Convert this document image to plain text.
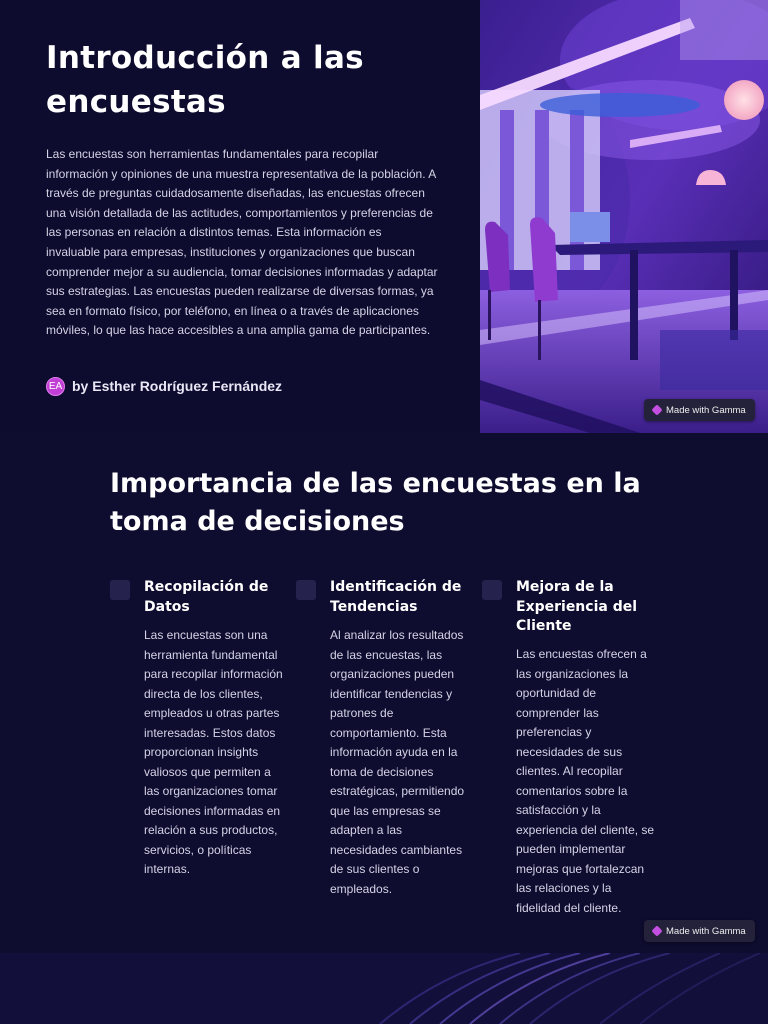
Introducción a las encuestas

Las encuestas son herramientas fundamentales para recopilar información y opiniones de una muestra representativa de la población. A través de preguntas cuidadosamente diseñadas, las encuestas ofrecen una visión detallada de las actitudes, comportamientos y preferencias de las personas en relación a distintos temas. Esta información es invaluable para empresas, instituciones y organizaciones que buscan comprender mejor a su audiencia, tomar decisiones informadas y adaptar sus estrategias. Las encuestas pueden realizarse de diversas formas, ya sea en formato físico, por teléfono, en línea o a través de aplicaciones móviles, lo que las hace accesibles a una amplia gama de participantes.

EA by Esther Rodríguez Fernández
Made with Gamma
Importancia de las encuestas en la toma de decisiones
Recopilación de Datos
Las encuestas son una herramienta fundamental para recopilar información directa de los clientes, empleados u otras partes interesadas. Estos datos proporcionan insights valiosos que permiten a las organizaciones tomar decisiones informadas en relación a sus productos, servicios, o políticas internas.
Identificación de Tendencias
Al analizar los resultados de las encuestas, las organizaciones pueden identificar tendencias y patrones de comportamiento. Esta información ayuda en la toma de decisiones estratégicas, permitiendo que las empresas se adapten a las necesidades cambiantes de sus clientes o empleados.
Mejora de la Experiencia del Cliente
Las encuestas ofrecen a las organizaciones la oportunidad de comprender las preferencias y necesidades de sus clientes. Al recopilar comentarios sobre la satisfacción y la experiencia del cliente, se pueden implementar mejoras que fortalezcan las relaciones y la fidelidad del cliente.
Made with Gamma
